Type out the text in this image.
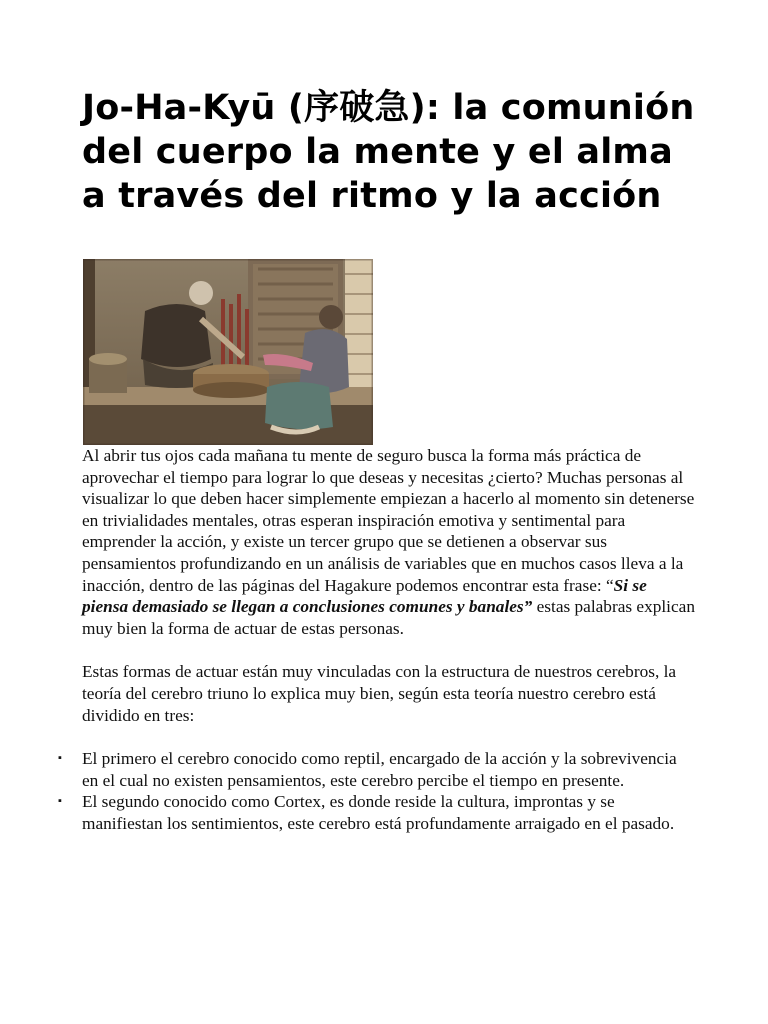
Jo-Ha-Kyū (序破急): la comunión del cuerpo la mente y el alma a través del ritmo y la acción

Al abrir tus ojos cada mañana tu mente de seguro busca la forma más práctica de aprovechar el tiempo para lograr lo que deseas y necesitas ¿cierto? Muchas personas al visualizar lo que deben hacer simplemente empiezan a hacerlo al momento sin detenerse en trivialidades mentales, otras esperan inspiración emotiva y sentimental para emprender la acción, y existe un tercer grupo que se detienen a observar sus pensamientos profundizando en un análisis de variables que en muchos casos lleva a la inacción, dentro de las páginas del Hagakure podemos encontrar esta frase: “Si se piensa demasiado se llegan a conclusiones comunes y banales” estas palabras explican muy bien la forma de actuar de estas personas.

Estas formas de actuar están muy vinculadas con la estructura de nuestros cerebros, la teoría del cerebro triuno lo explica muy bien, según esta teoría nuestro cerebro está dividido en tres:

▪ El primero el cerebro conocido como reptil, encargado de la acción y la sobrevivencia en el cual no existen pensamientos, este cerebro percibe el tiempo en presente.
▪ El segundo conocido como Cortex, es donde reside la cultura, improntas y se manifiestan los sentimientos, este cerebro está profundamente arraigado en el pasado.
